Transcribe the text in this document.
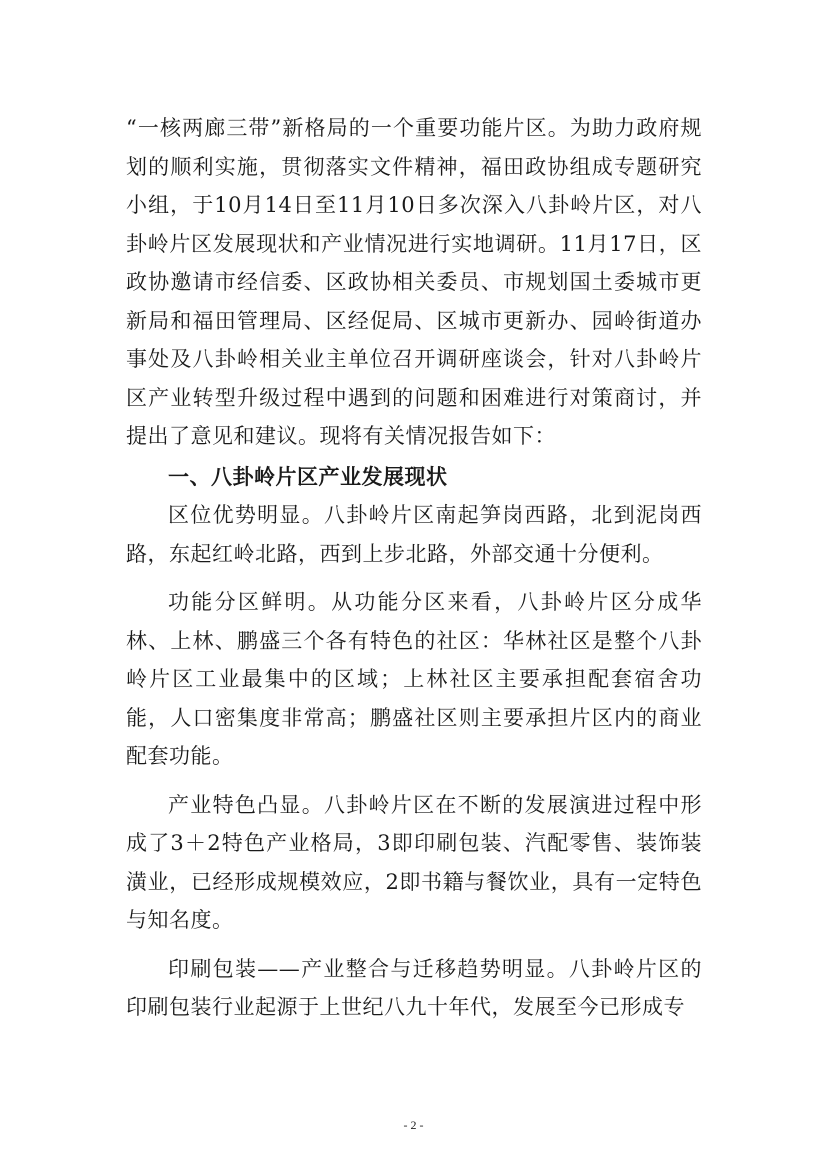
“一核两廊三带”新格局的一个重要功能片区。为助力政府规划的顺利实施，贯彻落实文件精神，福田政协组成专题研究小组，于10月14日至11月10日多次深入八卦岭片区，对八卦岭片区发展现状和产业情况进行实地调研。11月17日，区政协邀请市经信委、区政协相关委员、市规划国土委城市更新局和福田管理局、区经促局、区城市更新办、园岭街道办事处及八卦岭相关业主单位召开调研座谈会，针对八卦岭片区产业转型升级过程中遇到的问题和困难进行对策商讨，并提出了意见和建议。现将有关情况报告如下：

一、八卦岭片区产业发展现状

区位优势明显。八卦岭片区南起笋岗西路，北到泥岗西路，东起红岭北路，西到上步北路，外部交通十分便利。

功能分区鲜明。从功能分区来看，八卦岭片区分成华林、上林、鹏盛三个各有特色的社区：华林社区是整个八卦岭片区工业最集中的区域；上林社区主要承担配套宿舍功能，人口密集度非常高；鹏盛社区则主要承担片区内的商业配套功能。

产业特色凸显。八卦岭片区在不断的发展演进过程中形成了3＋2特色产业格局，3即印刷包装、汽配零售、装饰装潢业，已经形成规模效应，2即书籍与餐饮业，具有一定特色与知名度。

印刷包装——产业整合与迁移趋势明显。八卦岭片区的印刷包装行业起源于上世纪八九十年代，发展至今已形成专

- 2 -
